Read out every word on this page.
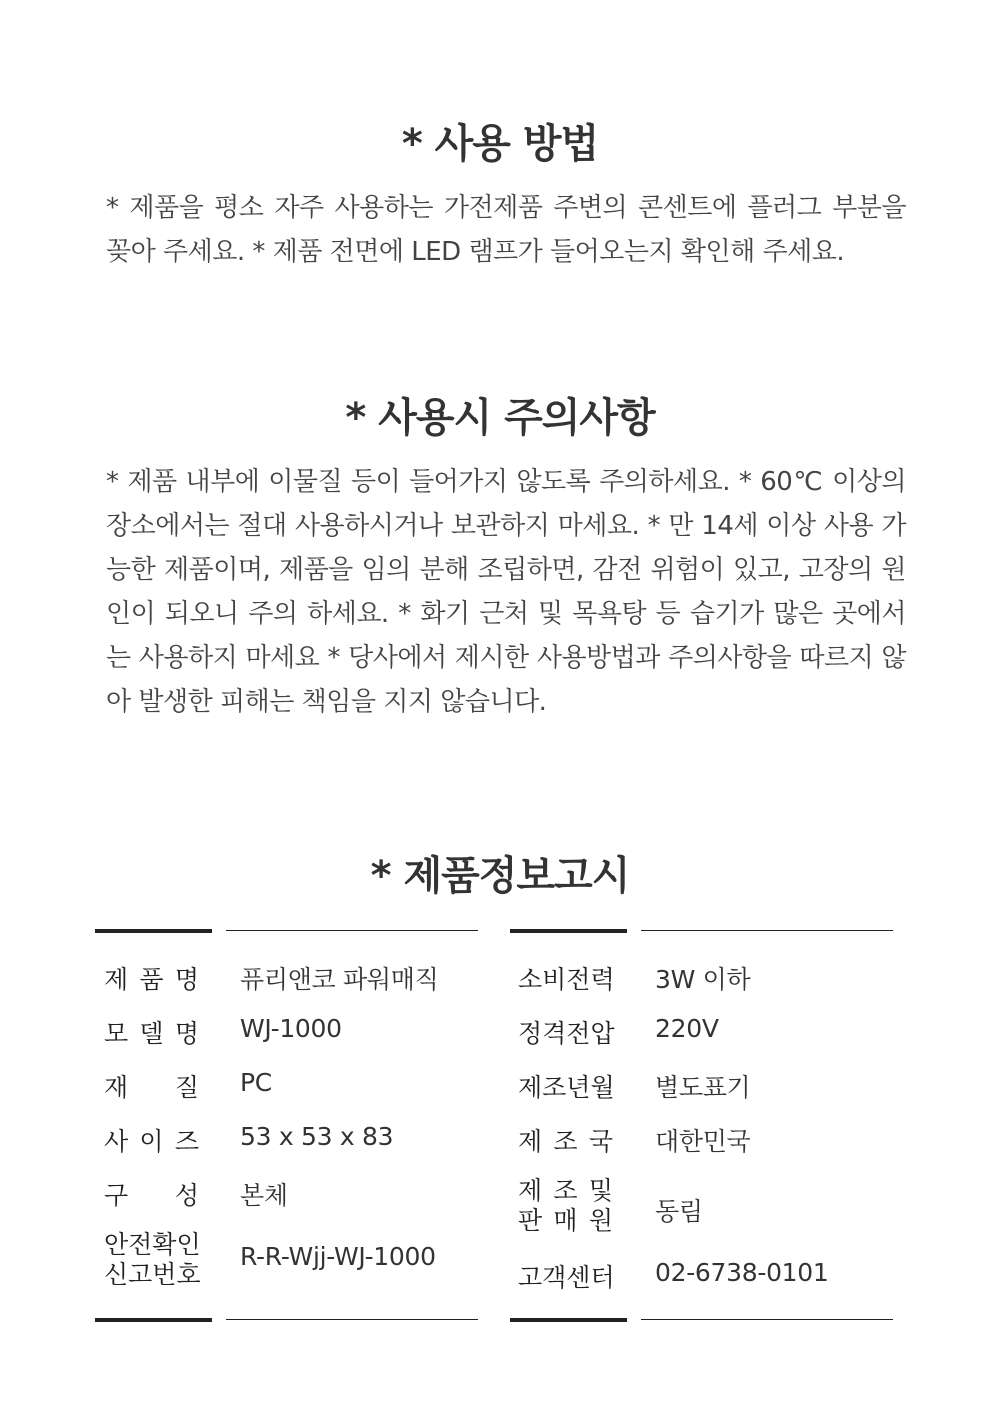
* 사용 방법
* 제품을 평소 자주 사용하는 가전제품 주변의 콘센트에 플러그 부분을 꽂아 주세요. * 제품 전면에 LED 램프가 들어오는지 확인해 주세요.
* 사용시 주의사항
* 제품 내부에 이물질 등이 들어가지 않도록 주의하세요. * 60℃ 이상의 장소에서는 절대 사용하시거나 보관하지 마세요. * 만 14세 이상 사용 가능한 제품이며, 제품을 임의 분해 조립하면, 감전 위험이 있고, 고장의 원인이 되오니 주의 하세요. * 화기 근처 및 목욕탕 등 습기가 많은 곳에서는 사용하지 마세요 * 당사에서 제시한 사용방법과 주의사항을 따르지 않아 발생한 피해는 책임을 지지 않습니다.
* 제품정보고시
제 품 명 퓨리앤코 파워매직
모 델 명 WJ-1000
재 질 PC
사 이 즈 53 x 53 x 83
구 성 본체
안전확인
신고번호
R-R-Wjj-WJ-1000
소비전력 3W 이하
정격전압 220V
제조년월 별도표기
제 조 국 대한민국
제 조 및
판 매 원 동림
고객센터 02-6738-0101
